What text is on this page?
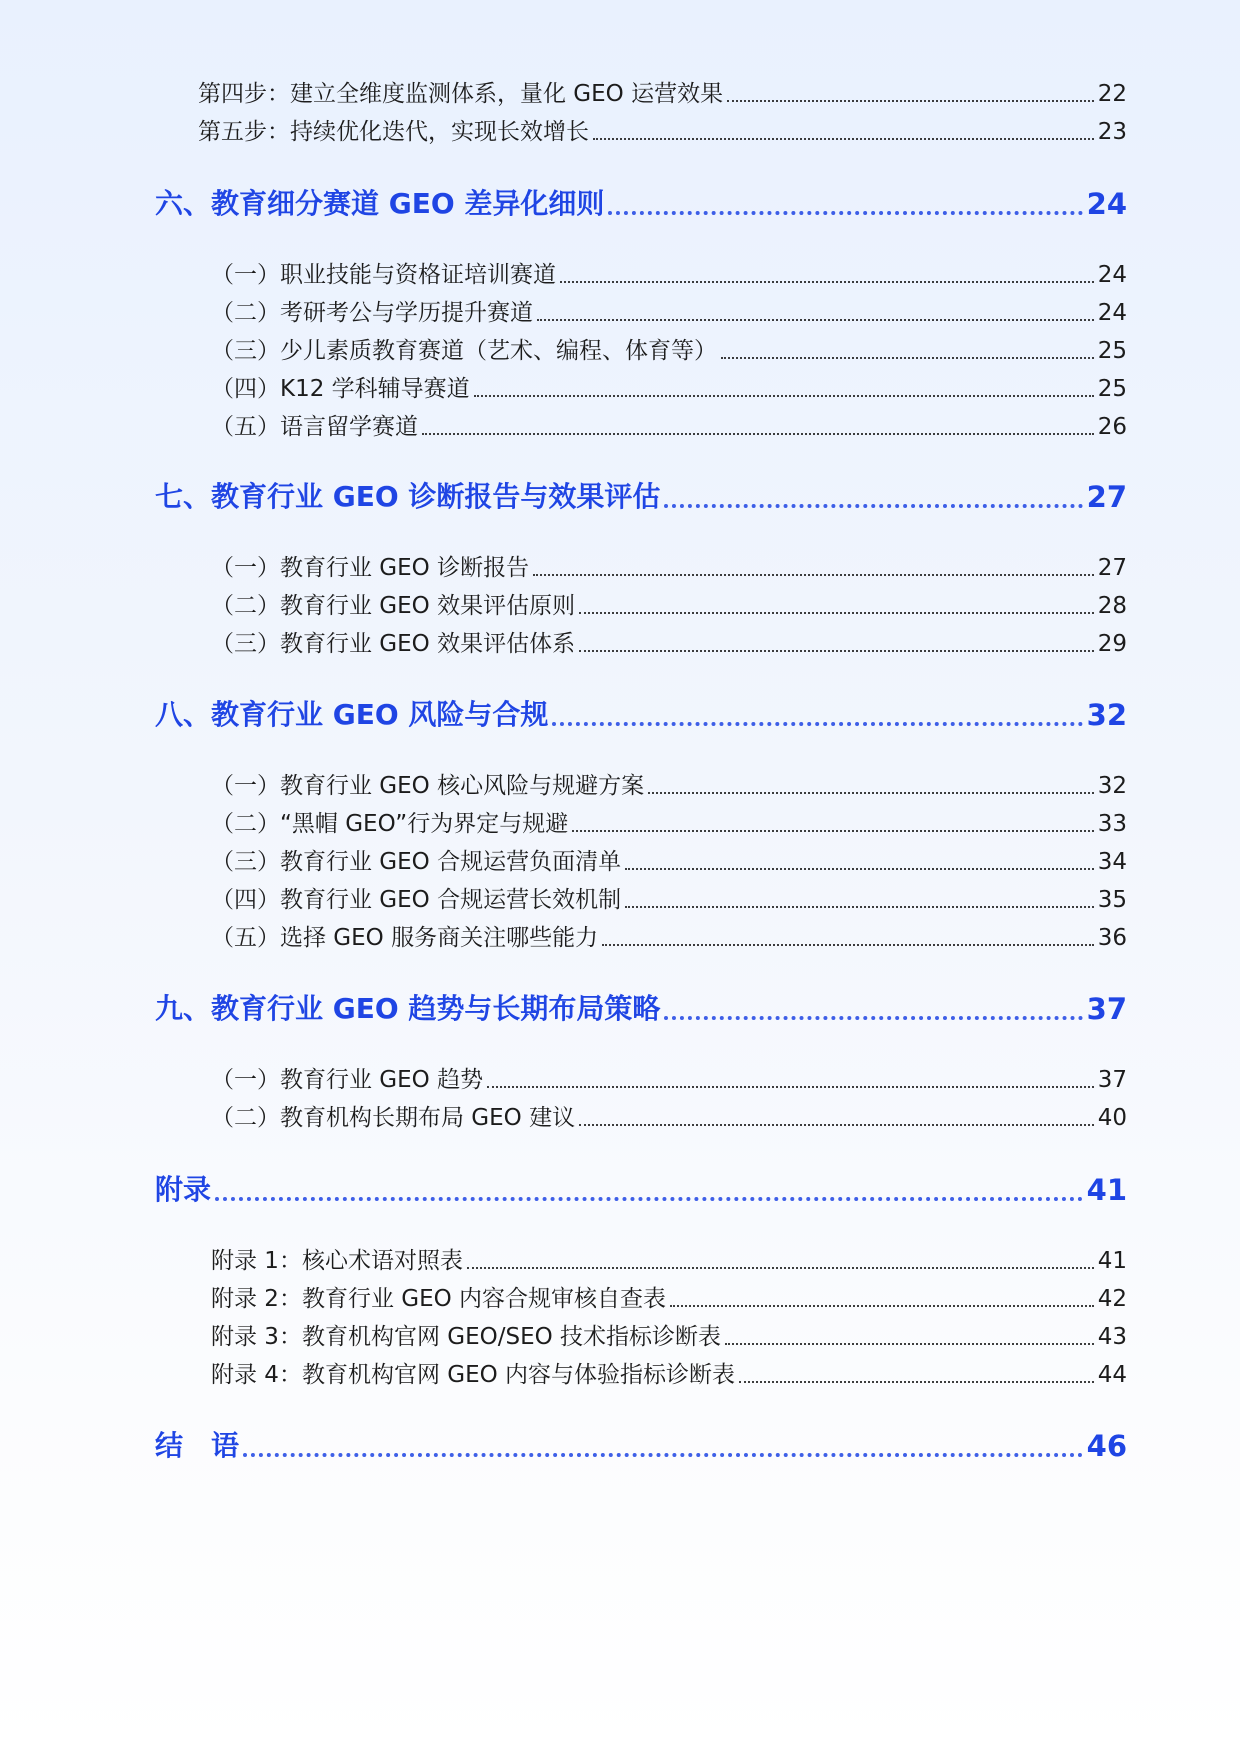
第四步：建立全维度监测体系，量化 GEO 运营效果	22
第五步：持续优化迭代，实现长效增长	23
六、教育细分赛道 GEO 差异化细则	24
（一）职业技能与资格证培训赛道	24
（二）考研考公与学历提升赛道	24
（三）少儿素质教育赛道（艺术、编程、体育等）	25
（四）K12 学科辅导赛道	25
（五）语言留学赛道	26
七、教育行业 GEO 诊断报告与效果评估	27
（一）教育行业 GEO 诊断报告	27
（二）教育行业 GEO 效果评估原则	28
（三）教育行业 GEO 效果评估体系	29
八、教育行业 GEO 风险与合规	32
（一）教育行业 GEO 核心风险与规避方案	32
（二）“黑帽 GEO”行为界定与规避	33
（三）教育行业 GEO 合规运营负面清单	34
（四）教育行业 GEO 合规运营长效机制	35
（五）选择 GEO 服务商关注哪些能力	36
九、教育行业 GEO 趋势与长期布局策略	37
（一）教育行业 GEO 趋势	37
（二）教育机构长期布局 GEO 建议	40
附录	41
附录 1：核心术语对照表	41
附录 2：教育行业 GEO 内容合规审核自查表	42
附录 3：教育机构官网 GEO/SEO 技术指标诊断表	43
附录 4：教育机构官网 GEO 内容与体验指标诊断表	44
结　语	46
